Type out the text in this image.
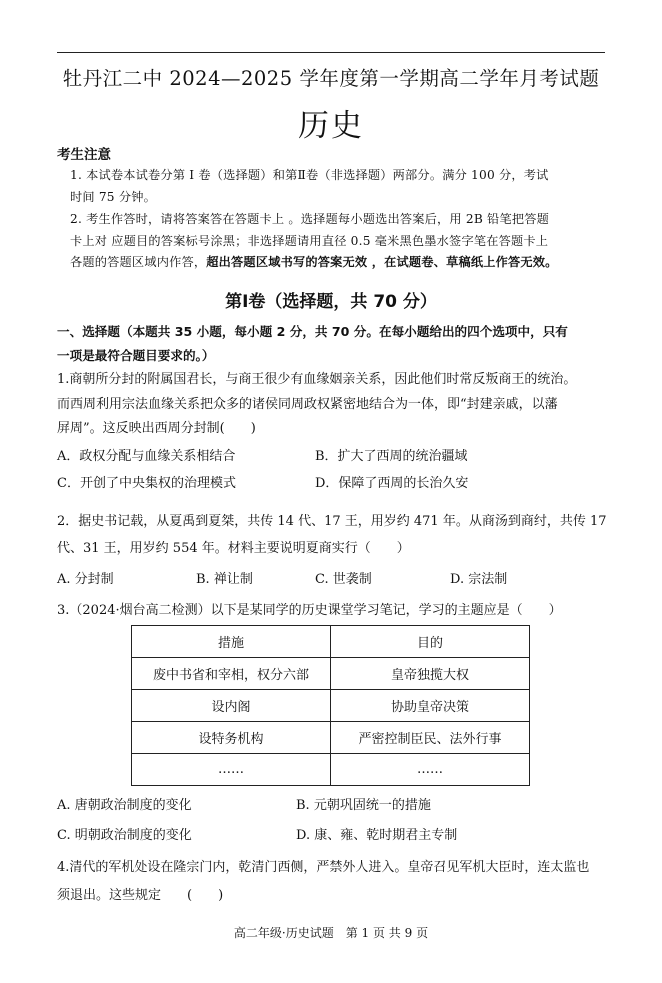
牡丹江二中 2024—2025 学年度第一学期高二学年月考试题
历史
考生注意
1. 本试卷本试卷分第 Ⅰ 卷（选择题）和第Ⅱ卷（非选择题）两部分。满分 100 分，考试
时间 75 分钟。
2. 考生作答时，请将答案答在答题卡上 。选择题每小题选出答案后，用 2B 铅笔把答题
卡上对 应题目的答案标号涂黑；非选择题请用直径 0.5 毫米黑色墨水签字笔在答题卡上
各题的答题区域内作答，超出答题区域书写的答案无效 ，在试题卷、草稿纸上作答无效。
第Ⅰ卷（选择题，共 70 分）
一、选择题（本题共 35 小题，每小题 2 分，共 70 分。在每小题给出的四个选项中，只有
一项是最符合题目要求的。）
1.商朝所分封的附属国君长，与商王很少有血缘姻亲关系，因此他们时常反叛商王的统治。
而西周利用宗法血缘关系把众多的诸侯同周政权紧密地结合为一体，即“封建亲戚，以藩
屏周”。这反映出西周分封制(　　)
A．政权分配与血缘关系相结合	B．扩大了西周的统治疆域
C．开创了中央集权的治理模式	D．保障了西周的长治久安
2．据史书记载，从夏禹到夏桀，共传 14 代、17 王，用岁约 471 年。从商汤到商纣，共传 17
代、31 王，用岁约 554 年。材料主要说明夏商实行（　　）
A. 分封制	B. 禅让制	C. 世袭制	D. 宗法制
3.（2024·烟台高二检测）以下是某同学的历史课堂学习笔记，学习的主题应是（　　）
措施	目的
废中书省和宰相，权分六部	皇帝独揽大权
设内阁	协助皇帝决策
设特务机构	严密控制臣民、法外行事
……	……
A. 唐朝政治制度的变化	B. 元朝巩固统一的措施
C. 明朝政治制度的变化	D. 康、雍、乾时期君主专制
4.清代的军机处设在隆宗门内，乾清门西侧，严禁外人进入。皇帝召见军机大臣时，连太监也
须退出。这些规定　　(　　)
高二年级·历史试题　第 1 页 共 9 页
